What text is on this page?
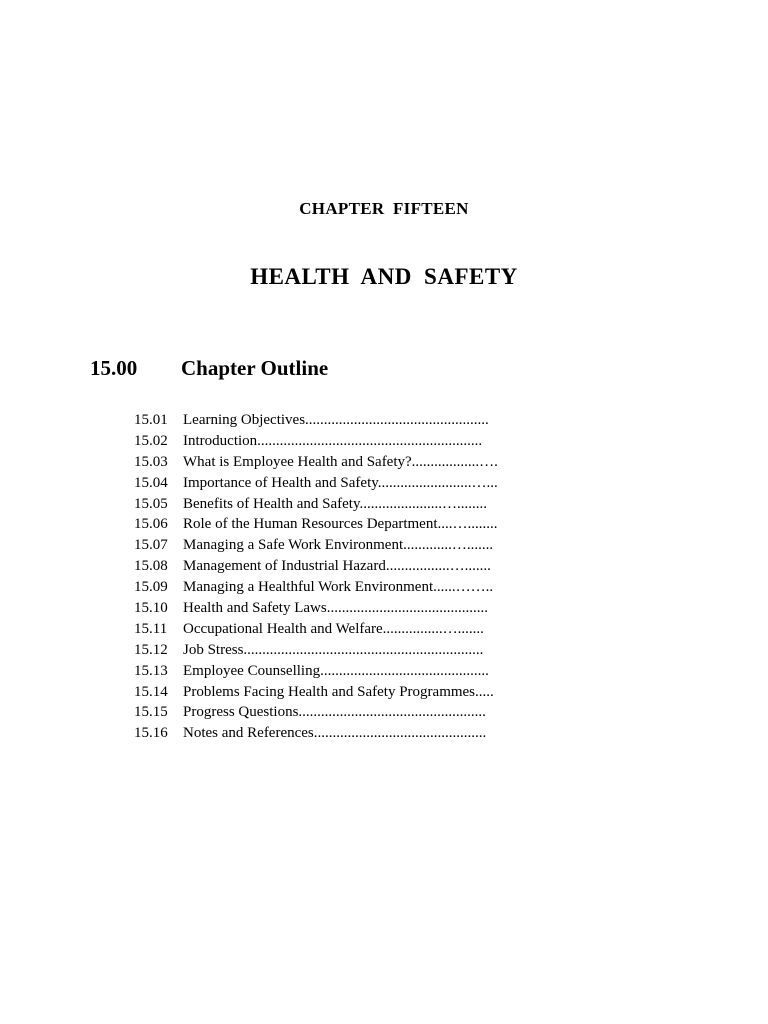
CHAPTER FIFTEEN
HEALTH AND SAFETY
15.00 Chapter Outline
15.01 Learning Objectives.................................................
15.02 Introduction............................................................
15.03 What is Employee Health and Safety?..................….
15.04 Importance of Health and Safety.........................…...
15.05 Benefits of Health and Safety......................…........
15.06 Role of the Human Resources Department....…........
15.07 Managing a Safe Work Environment.............….......
15.08 Management of Industrial Hazard.................….......
15.09 Managing a Healthful Work Environment......……..
15.10 Health and Safety Laws...........................................
15.11 Occupational Health and Welfare................….......
15.12 Job Stress................................................................
15.13 Employee Counselling.............................................
15.14 Problems Facing Health and Safety Programmes.....
15.15 Progress Questions..................................................
15.16 Notes and References..............................................
